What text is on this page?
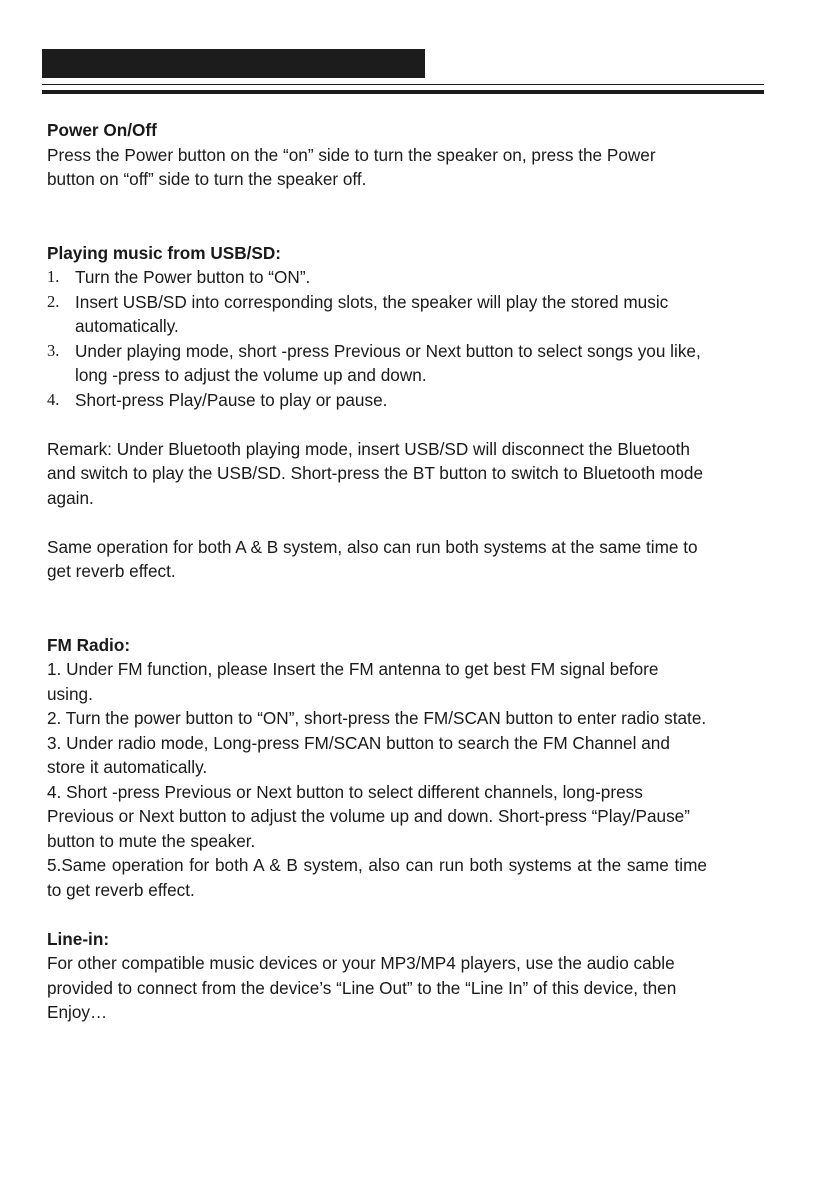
Power On/Off

Press the Power button on the “on” side to turn the speaker on, press the Power button on “off” side to turn the speaker off.

Playing music from USB/SD:
1. Turn the Power button to “ON”.
2. Insert USB/SD into corresponding slots, the speaker will play the stored music automatically.
3. Under playing mode, short -press Previous or Next button to select songs you like, long -press to adjust the volume up and down.
4. Short-press Play/Pause to play or pause.

Remark: Under Bluetooth playing mode, insert USB/SD will disconnect the Bluetooth and switch to play the USB/SD. Short-press the BT button to switch to Bluetooth mode again.

Same operation for both A & B system, also can run both systems at the same time to get reverb effect.

FM Radio:

1. Under FM function, please Insert the FM antenna to get best FM signal before using.

2. Turn the power button to “ON”, short-press the FM/SCAN button to enter radio state.

3. Under radio mode, Long-press FM/SCAN button to search the FM Channel and store it automatically.

4. Short -press Previous or Next button to select different channels, long-press Previous or Next button to adjust the volume up and down. Short-press “Play/Pause” button to mute the speaker.

5.Same operation for both A & B system, also can run both systems at the same time to get reverb effect.

Line-in:

For other compatible music devices or your MP3/MP4 players, use the audio cable provided to connect from the device’s “Line Out” to the “Line In” of this device, then Enjoy…
